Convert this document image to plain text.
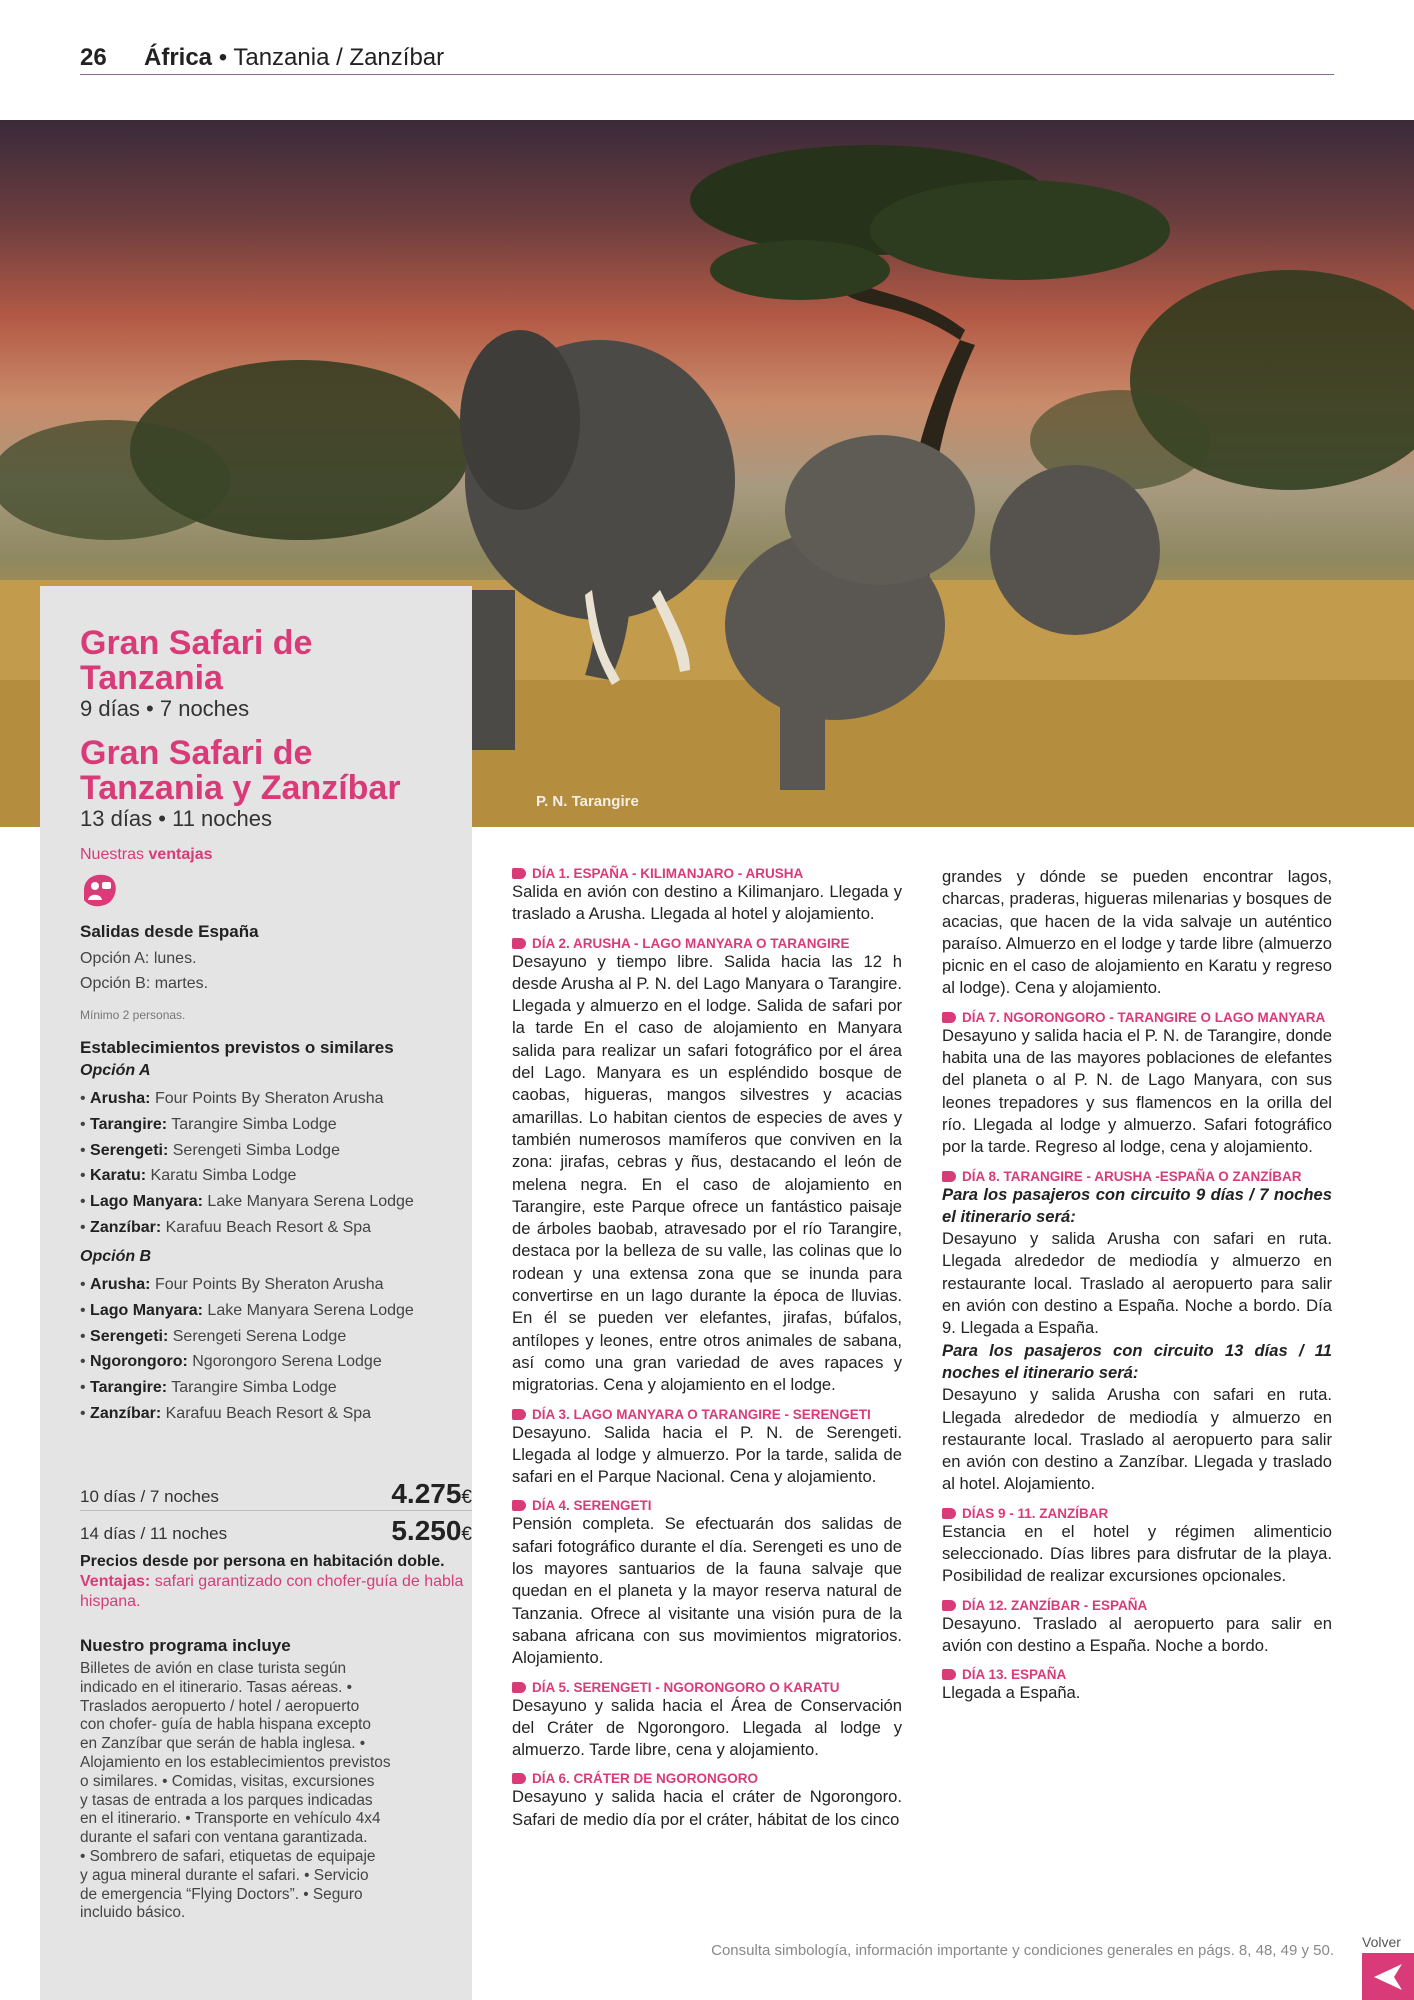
26 África • Tanzania / Zanzíbar
P. N. Tarangire
Gran Safari de
Tanzania
9 días • 7 noches
Gran Safari de
Tanzania y Zanzíbar
13 días • 11 noches
Nuestras ventajas
Salidas desde España
Opción A: lunes.
Opción B: martes.
Mínimo 2 personas.
Establecimientos previstos o similares
Opción A
• Arusha: Four Points By Sheraton Arusha
• Tarangire: Tarangire Simba Lodge
• Serengeti: Serengeti Simba Lodge
• Karatu: Karatu Simba Lodge
• Lago Manyara: Lake Manyara Serena Lodge
• Zanzíbar: Karafuu Beach Resort & Spa
Opción B
• Arusha: Four Points By Sheraton Arusha
• Lago Manyara: Lake Manyara Serena Lodge
• Serengeti: Serengeti Serena Lodge
• Ngorongoro: Ngorongoro Serena Lodge
• Tarangire: Tarangire Simba Lodge
• Zanzíbar: Karafuu Beach Resort & Spa
10 días / 7 noches	4.275€
14 días / 11 noches	5.250€
Precios desde por persona en habitación doble. Ventajas: safari garantizado con chofer-guía de habla hispana.
Nuestro programa incluye
Billetes de avión en clase turista según
indicado en el itinerario. Tasas aéreas. •
Traslados aeropuerto / hotel / aeropuerto
con chofer- guía de habla hispana excepto
en Zanzíbar que serán de habla inglesa. •
Alojamiento en los establecimientos previstos
o similares. • Comidas, visitas, excursiones
y tasas de entrada a los parques indicadas
en el itinerario. • Transporte en vehículo 4x4
durante el safari con ventana garantizada.
• Sombrero de safari, etiquetas de equipaje
y agua mineral durante el safari. • Servicio
de emergencia “Flying Doctors”. • Seguro
incluido básico.
DÍA 1. ESPAÑA - KILIMANJARO - ARUSHA
Salida en avión con destino a Kilimanjaro. Llegada y traslado a Arusha. Llegada al hotel y alojamiento.
DÍA 2. ARUSHA - LAGO MANYARA O TARANGIRE
Desayuno y tiempo libre. Salida hacia las 12 h desde Arusha al P. N. del Lago Manyara o Tarangire. Llegada y almuerzo en el lodge. Salida de safari por la tarde En el caso de alojamiento en Manyara salida para realizar un safari fotográfico por el área del Lago. Manyara es un espléndido bosque de caobas, higueras, mangos silvestres y acacias amarillas. Lo habitan cientos de especies de aves y también numerosos mamíferos que conviven en la zona: jirafas, cebras y ñus, destacando el león de melena negra. En el caso de alojamiento en Tarangire, este Parque ofrece un fantástico paisaje de árboles baobab, atravesado por el río Tarangire, destaca por la belleza de su valle, las colinas que lo rodean y una extensa zona que se inunda para convertirse en un lago durante la época de lluvias. En él se pueden ver elefantes, jirafas, búfalos, antílopes y leones, entre otros animales de sabana, así como una gran variedad de aves rapaces y migratorias. Cena y alojamiento en el lodge.
DÍA 3. LAGO MANYARA O TARANGIRE - SERENGETI
Desayuno. Salida hacia el P. N. de Serengeti. Llegada al lodge y almuerzo. Por la tarde, salida de safari en el Parque Nacional. Cena y alojamiento.
DÍA 4. SERENGETI
Pensión completa. Se efectuarán dos salidas de safari fotográfico durante el día. Serengeti es uno de los mayores santuarios de la fauna salvaje que quedan en el planeta y la mayor reserva natural de Tanzania. Ofrece al visitante una visión pura de la sabana africana con sus movimientos migratorios. Alojamiento.
DÍA 5. SERENGETI - NGORONGORO O KARATU
Desayuno y salida hacia el Área de Conservación del Cráter de Ngorongoro. Llegada al lodge y almuerzo. Tarde libre, cena y alojamiento.
DÍA 6. CRÁTER DE NGORONGORO
Desayuno y salida hacia el cráter de Ngorongoro. Safari de medio día por el cráter, hábitat de los cinco
grandes y dónde se pueden encontrar lagos, charcas, praderas, higueras milenarias y bosques de acacias, que hacen de la vida salvaje un auténtico paraíso. Almuerzo en el lodge y tarde libre (almuerzo picnic en el caso de alojamiento en Karatu y regreso al lodge). Cena y alojamiento.
DÍA 7. NGORONGORO - TARANGIRE O LAGO MANYARA
Desayuno y salida hacia el P. N. de Tarangire, donde habita una de las mayores poblaciones de elefantes del planeta o al P. N. de Lago Manyara, con sus leones trepadores y sus flamencos en la orilla del río. Llegada al lodge y almuerzo. Safari fotográfico por la tarde. Regreso al lodge, cena y alojamiento.
DÍA 8. TARANGIRE - ARUSHA -ESPAÑA O ZANZÍBAR
Para los pasajeros con circuito 9 días / 7 noches el itinerario será:
Desayuno y salida Arusha con safari en ruta. Llegada alrededor de mediodía y almuerzo en restaurante local. Traslado al aeropuerto para salir en avión con destino a España. Noche a bordo. Día 9. Llegada a España.
Para los pasajeros con circuito 13 días / 11 noches el itinerario será:
Desayuno y salida Arusha con safari en ruta. Llegada alrededor de mediodía y almuerzo en restaurante local. Traslado al aeropuerto para salir en avión con destino a Zanzíbar. Llegada y traslado al hotel. Alojamiento.
DÍAS 9 - 11. ZANZÍBAR
Estancia en el hotel y régimen alimenticio seleccionado. Días libres para disfrutar de la playa. Posibilidad de realizar excursiones opcionales.
DÍA 12. ZANZÍBAR - ESPAÑA
Desayuno. Traslado al aeropuerto para salir en avión con destino a España. Noche a bordo.
DÍA 13. ESPAÑA
Llegada a España.
Consulta simbología, información importante y condiciones generales en págs. 8, 48, 49 y 50. Volver
